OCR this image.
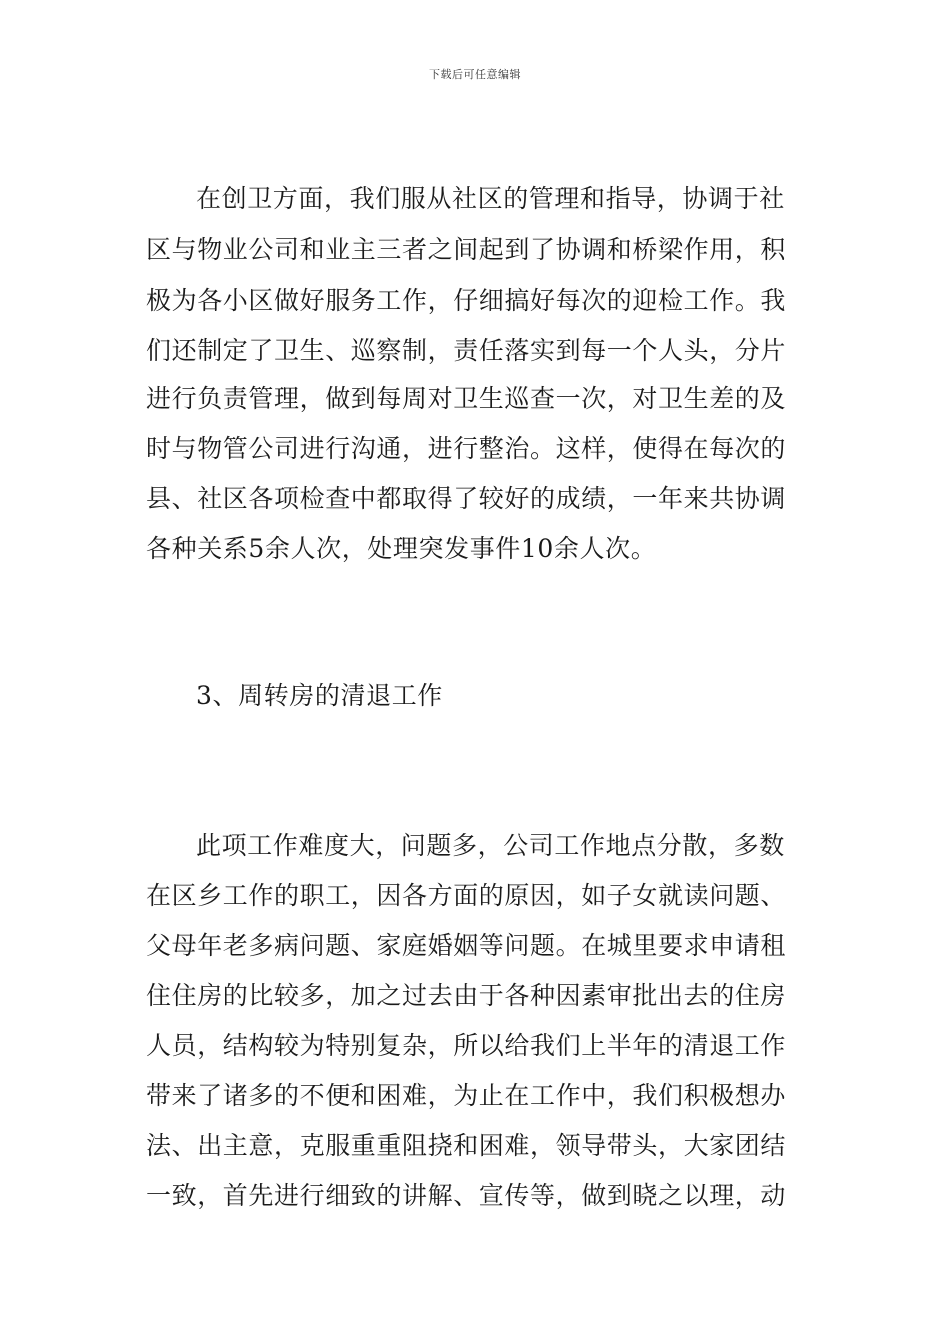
下载后可任意编辑
在创卫方面，我们服从社区的管理和指导，协调于社
区与物业公司和业主三者之间起到了协调和桥梁作用，积
极为各小区做好服务工作，仔细搞好每次的迎检工作。我
们还制定了卫生、巡察制，责任落实到每一个人头，分片
进行负责管理，做到每周对卫生巡查一次，对卫生差的及
时与物管公司进行沟通，进行整治。这样，使得在每次的
县、社区各项检查中都取得了较好的成绩，一年来共协调
各种关系5余人次，处理突发事件10余人次。
3、周转房的清退工作
此项工作难度大，问题多，公司工作地点分散，多数
在区乡工作的职工，因各方面的原因，如子女就读问题、
父母年老多病问题、家庭婚姻等问题。在城里要求申请租
住住房的比较多，加之过去由于各种因素审批出去的住房
人员，结构较为特别复杂，所以给我们上半年的清退工作
带来了诸多的不便和困难，为止在工作中，我们积极想办
法、出主意，克服重重阻挠和困难，领导带头，大家团结
一致，首先进行细致的讲解、宣传等，做到晓之以理，动
